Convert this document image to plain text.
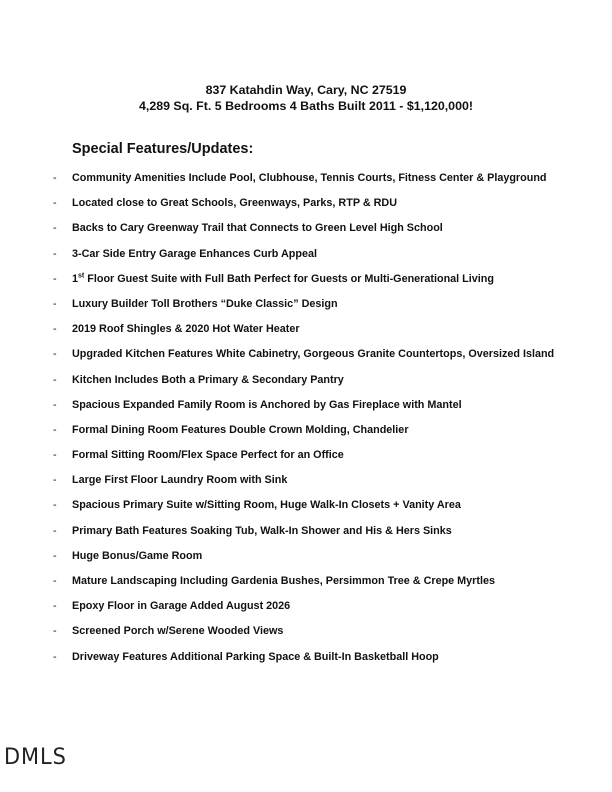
837 Katahdin Way, Cary, NC 27519
4,289 Sq. Ft. 5 Bedrooms 4 Baths Built 2011 - $1,120,000!
Special Features/Updates:
- Community Amenities Include Pool, Clubhouse, Tennis Courts, Fitness Center & Playground
- Located close to Great Schools, Greenways, Parks, RTP & RDU
- Backs to Cary Greenway Trail that Connects to Green Level High School
- 3-Car Side Entry Garage Enhances Curb Appeal
- 1st Floor Guest Suite with Full Bath Perfect for Guests or Multi-Generational Living
- Luxury Builder Toll Brothers “Duke Classic” Design
- 2019 Roof Shingles & 2020 Hot Water Heater
- Upgraded Kitchen Features White Cabinetry, Gorgeous Granite Countertops, Oversized Island
- Kitchen Includes Both a Primary & Secondary Pantry
- Spacious Expanded Family Room is Anchored by Gas Fireplace with Mantel
- Formal Dining Room Features Double Crown Molding, Chandelier
- Formal Sitting Room/Flex Space Perfect for an Office
- Large First Floor Laundry Room with Sink
- Spacious Primary Suite w/Sitting Room, Huge Walk-In Closets + Vanity Area
- Primary Bath Features Soaking Tub, Walk-In Shower and His & Hers Sinks
- Huge Bonus/Game Room
- Mature Landscaping Including Gardenia Bushes, Persimmon Tree & Crepe Myrtles
- Epoxy Floor in Garage Added August 2026
- Screened Porch w/Serene Wooded Views
- Driveway Features Additional Parking Space & Built-In Basketball Hoop
DMLS
